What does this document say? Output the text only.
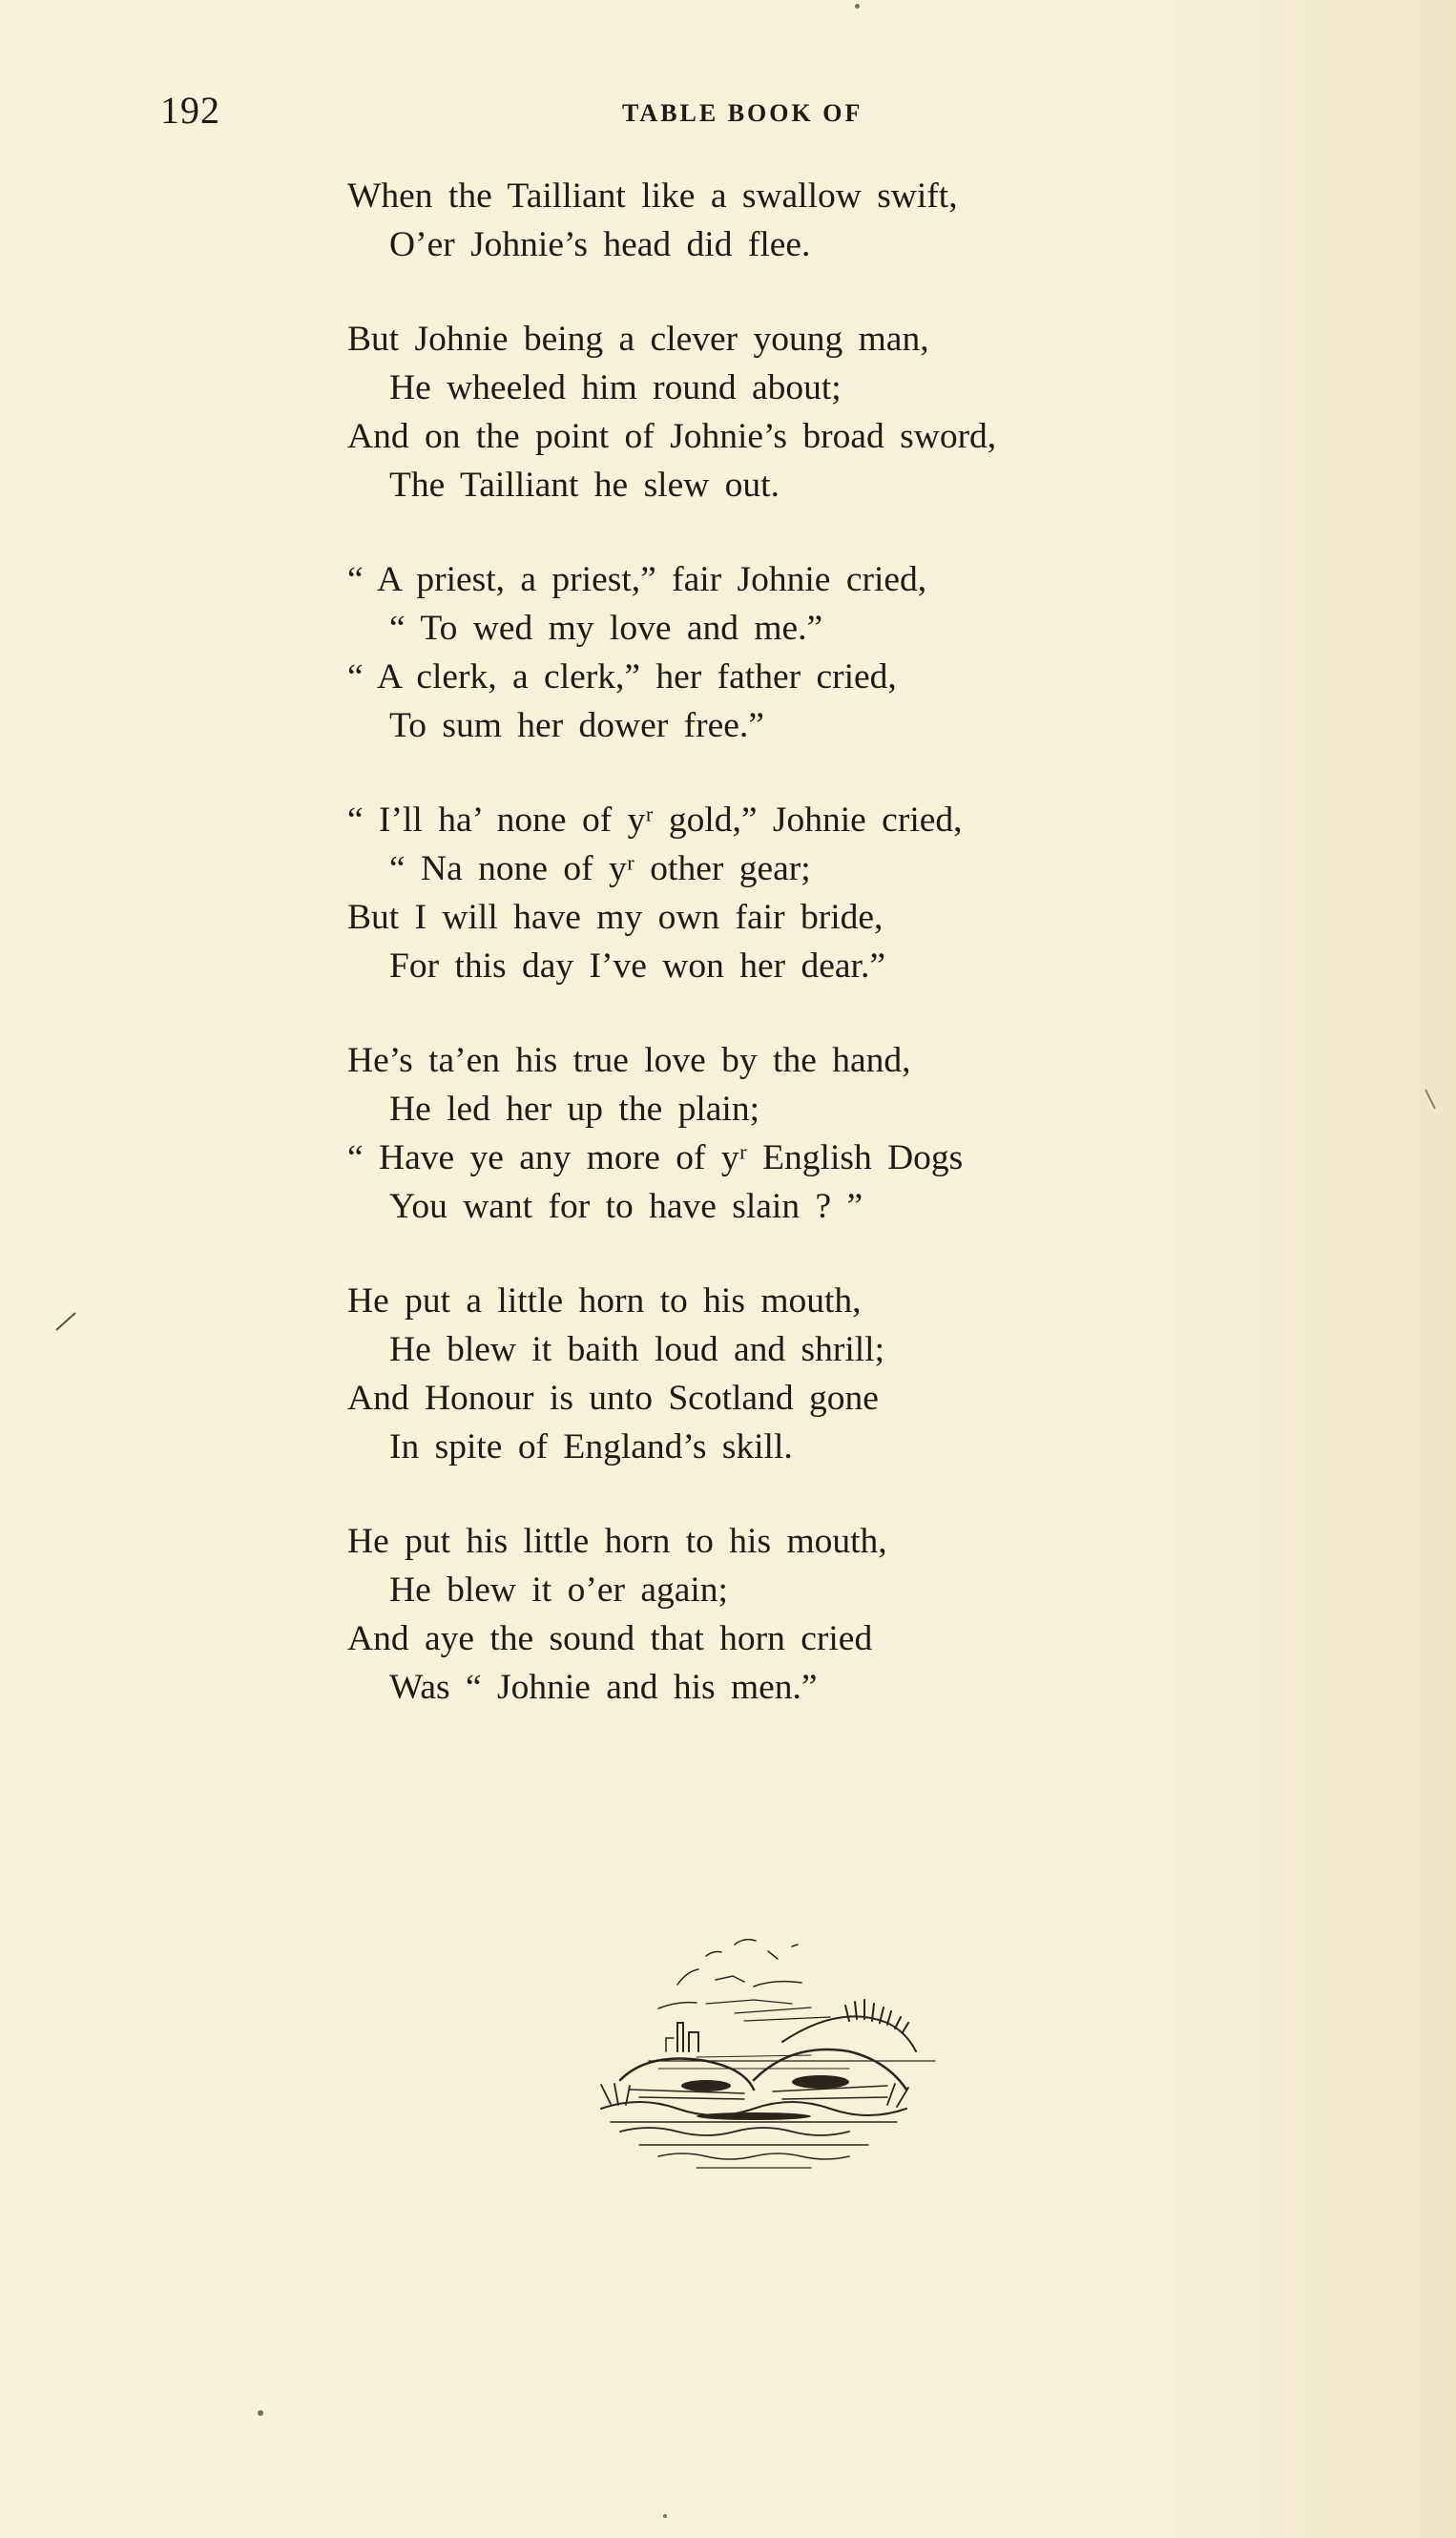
192	TABLE BOOK OF
When the Tailliant like a swallow swift,
O’er Johnie’s head did flee.
But Johnie being a clever young man,
He wheeled him round about;
And on the point of Johnie’s broad sword,
The Tailliant he slew out.
“ A priest, a priest,” fair Johnie cried,
“ To wed my love and me.”
“ A clerk, a clerk,” her father cried,
To sum her dower free.”
“ I’ll ha’ none of yʳ gold,” Johnie cried,
“ Na none of yʳ other gear;
But I will have my own fair bride,
For this day I’ve won her dear.”
He’s ta’en his true love by the hand,
He led her up the plain;
“ Have ye any more of yʳ English Dogs
You want for to have slain ? ”
He put a little horn to his mouth,
He blew it baith loud and shrill;
And Honour is unto Scotland gone
In spite of England’s skill.
He put his little horn to his mouth,
He blew it o’er again;
And aye the sound that horn cried
Was “ Johnie and his men.”
